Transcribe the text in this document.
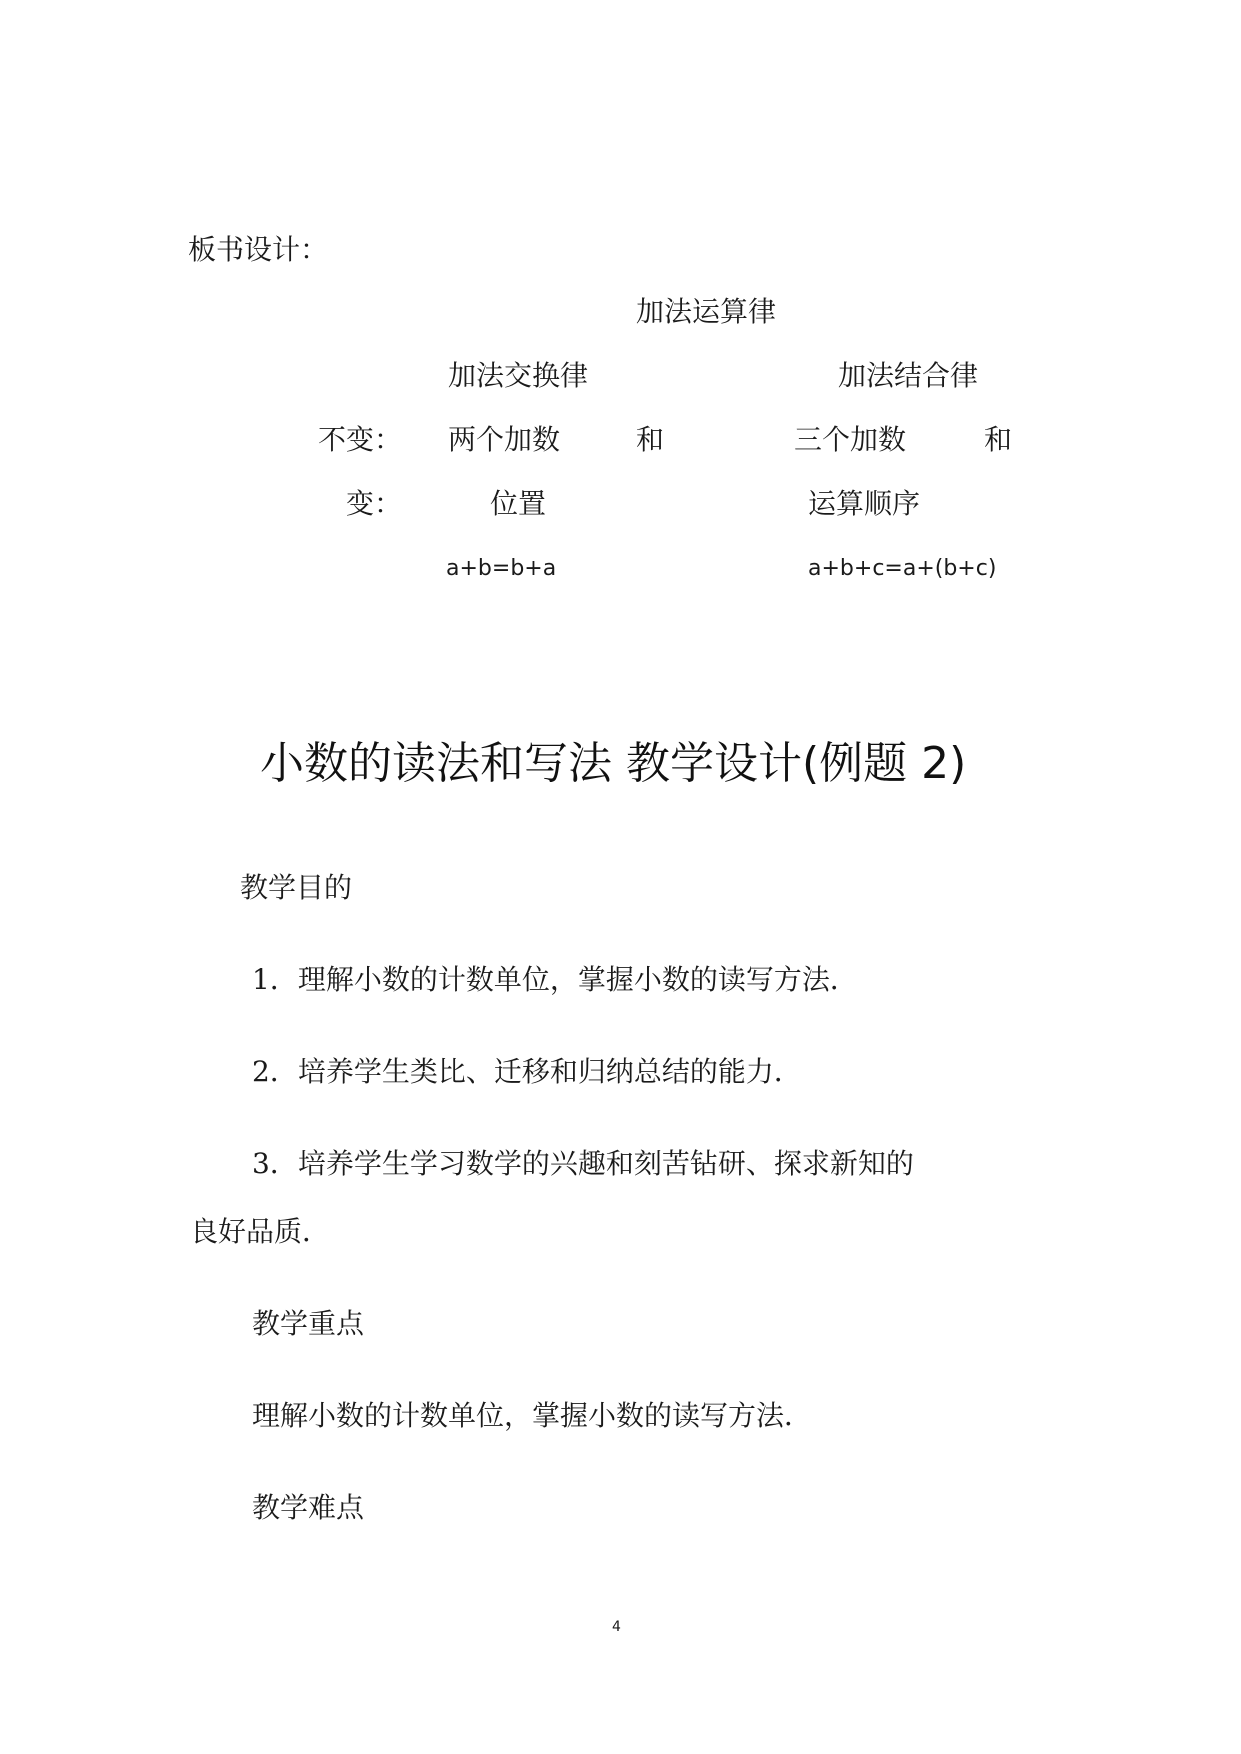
板书设计：
加法运算律
加法交换律	加法结合律
不变： 两个加数	和	三个加数	和
变：	位置	运算顺序
a+b=b+a	a+b+c=a+(b+c)
小数的读法和写法 教学设计(例题 2)
教学目的
1．理解小数的计数单位，掌握小数的读写方法．
2．培养学生类比、迁移和归纳总结的能力．
3．培养学生学习数学的兴趣和刻苦钻研、探求新知的
良好品质．
教学重点
理解小数的计数单位，掌握小数的读写方法．
教学难点
4
